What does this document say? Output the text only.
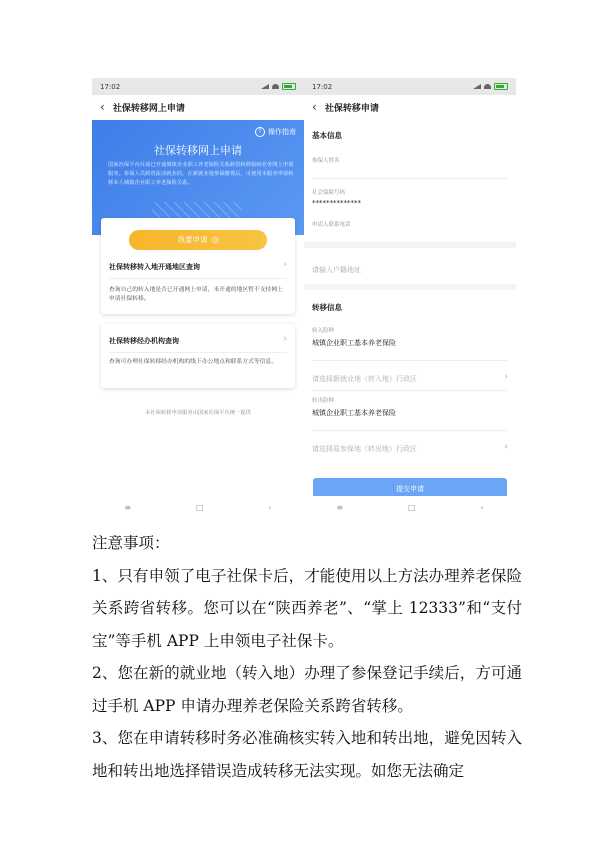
17:02
‹ 社保转移网上申请
? 操作指南
社保转移网上申请
国家社保平台目前已开通城镇企业职工养老保险关系跨省转移接续业务网上申请服务。参保人员跨省流动就业的，在新就业地参保缴费后，可使用本服务申请转移本人城镇企业职工养老保险关系。
我要申请
社保转移转入地开通地区查询	›
查询自己的转入地是否已开通网上申请，未开通的地区暂不支持网上申请社保转移。
社保转移经办机构查询	›
查询可办理社保转移经办机构的线下办公地点和联系方式等信息。
本社保转移申请服务由国家社保平台统一提供
≡	□	‹
17:02
‹ 社保转移申请
基本信息
参保人姓名
社会保障号码
**************
申请人联系电话
请输入户籍地址
转移信息
转入险种
城镇企业职工基本养老保险
请选择新就业地（转入地）行政区	›
转出险种
城镇企业职工基本养老保险
请选择原参保地（转出地）行政区	›
提交申请
≡	□	‹

注意事项：

1、只有申领了电子社保卡后，才能使用以上方法办理养老保险关系跨省转移。您可以在“陕西养老”、“掌上 12333”和“支付宝”等手机 APP 上申领电子社保卡。

2、您在新的就业地（转入地）办理了参保登记手续后，方可通过手机 APP 申请办理养老保险关系跨省转移。

3、您在申请转移时务必准确核实转入地和转出地，避免因转入地和转出地选择错误造成转移无法实现。如您无法确定
